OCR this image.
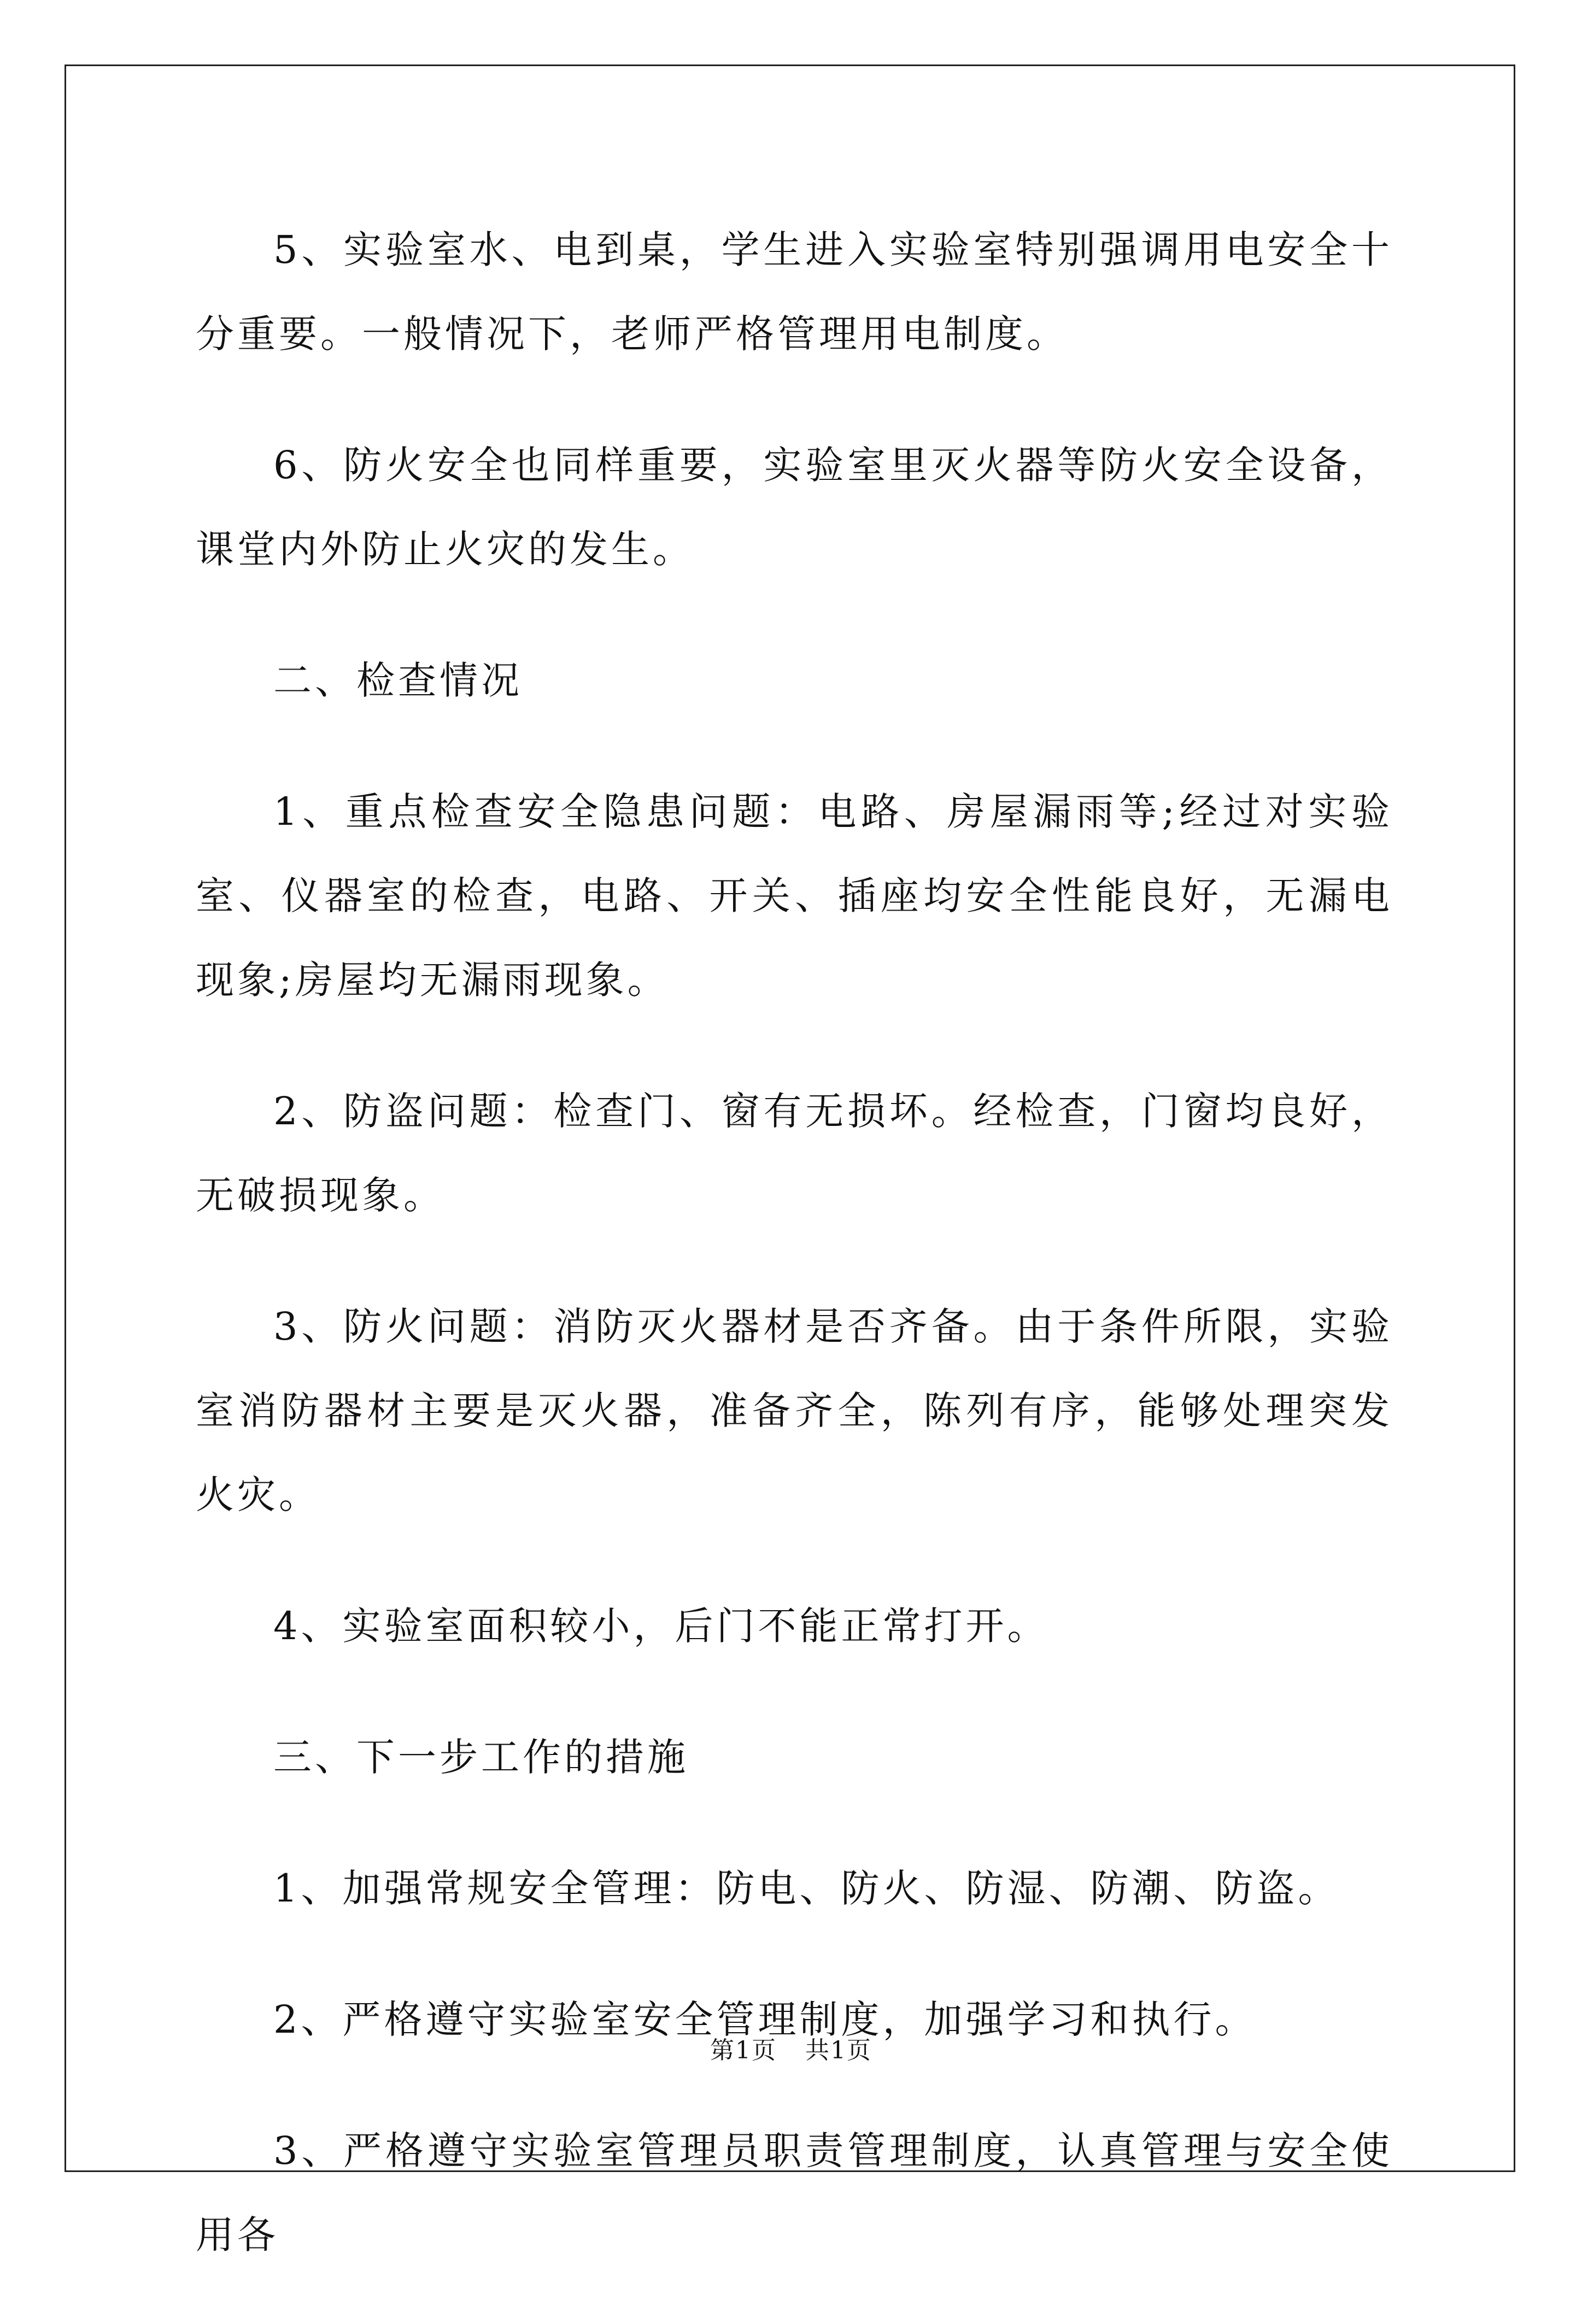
5、实验室水、电到桌，学生进入实验室特别强调用电安全十分重要。一般情况下，老师严格管理用电制度。

6、防火安全也同样重要，实验室里灭火器等防火安全设备，课堂内外防止火灾的发生。

二、检查情况

1、重点检查安全隐患问题：电路、房屋漏雨等;经过对实验室、仪器室的检查，电路、开关、插座均安全性能良好，无漏电现象;房屋均无漏雨现象。

2、防盗问题：检查门、窗有无损坏。经检查，门窗均良好，无破损现象。

3、防火问题：消防灭火器材是否齐备。由于条件所限，实验室消防器材主要是灭火器，准备齐全，陈列有序，能够处理突发火灾。

4、实验室面积较小，后门不能正常打开。

三、下一步工作的措施

1、加强常规安全管理：防电、防火、防湿、防潮、防盗。

2、严格遵守实验室安全管理制度，加强学习和执行。

3、严格遵守实验室管理员职责管理制度，认真管理与安全使用各

第1页 共1页
